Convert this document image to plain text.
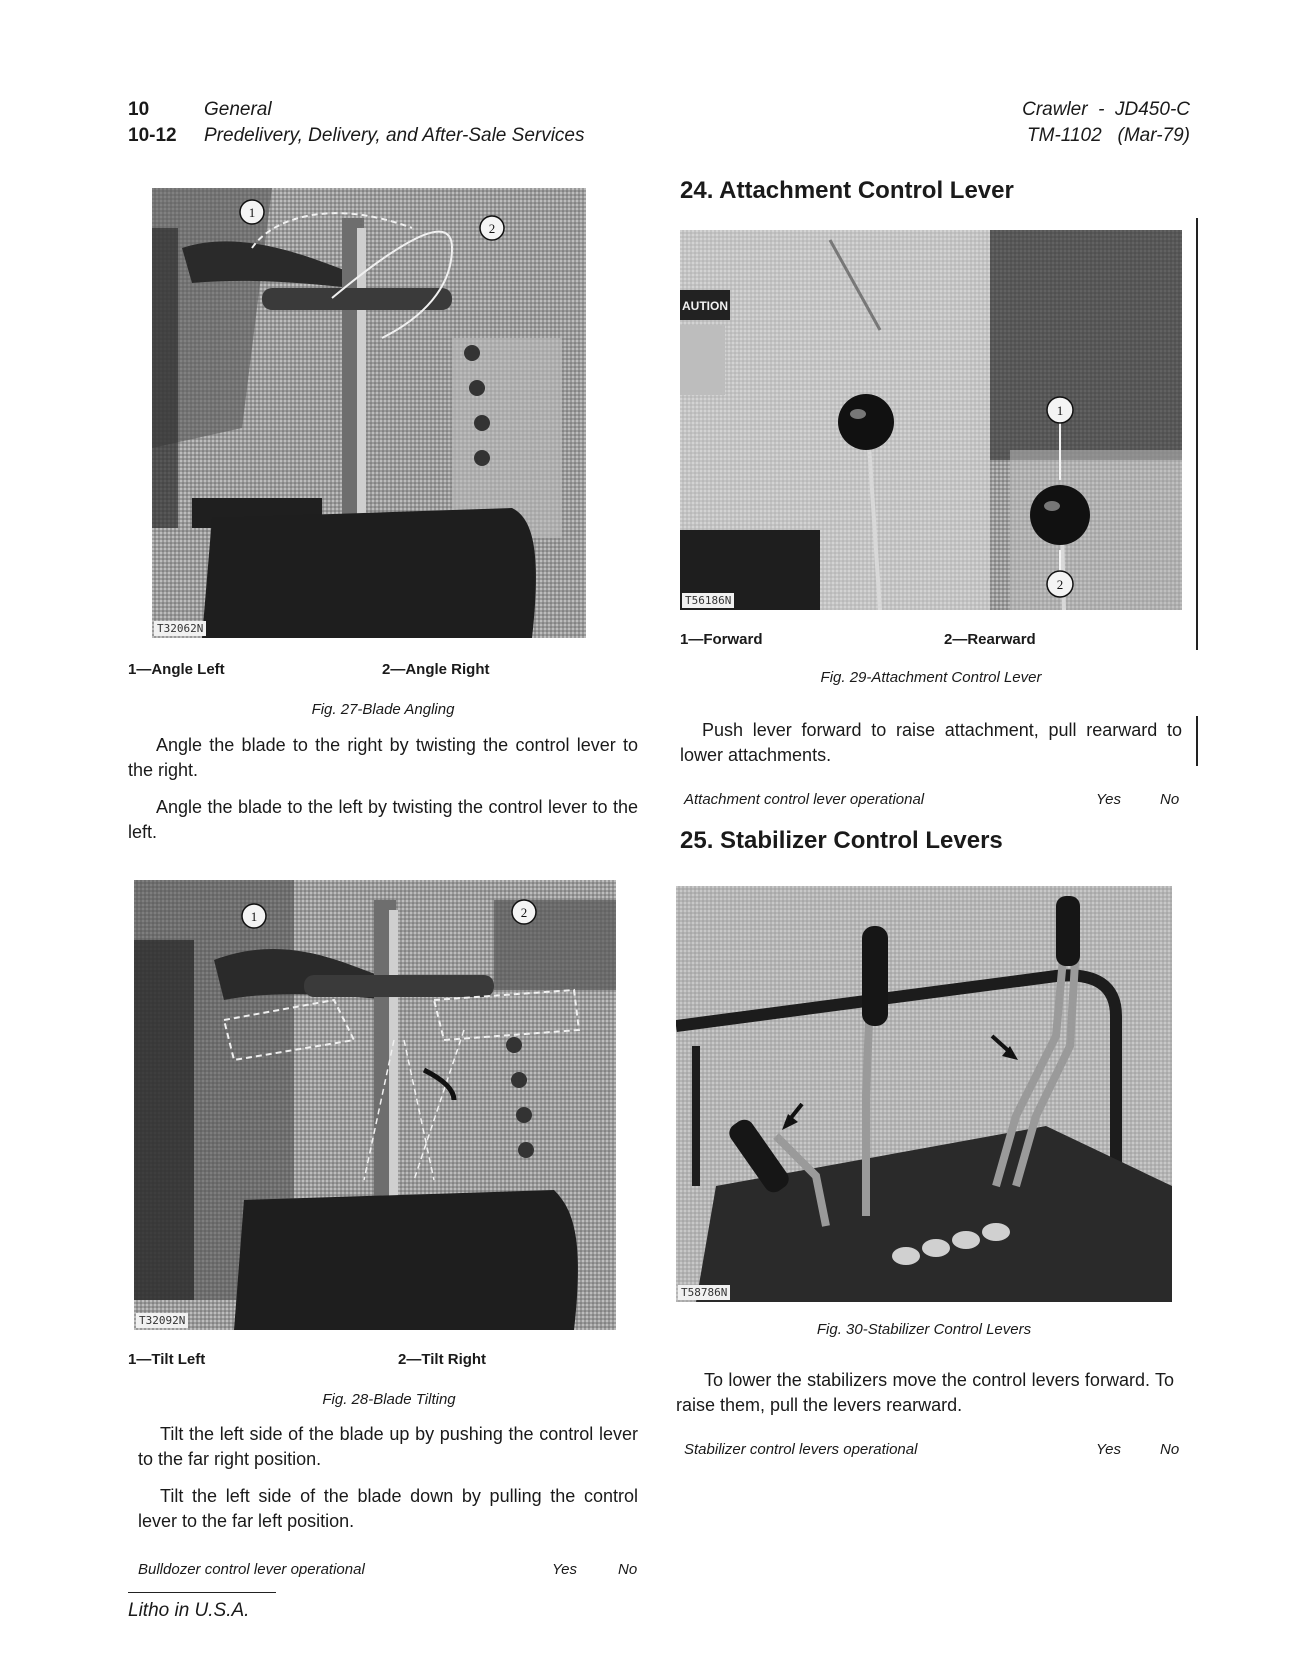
10	General
10-12 Predelivery, Delivery, and After-Sale Services
Crawler  -  JD450-C
TM-1102   (Mar-79)
1
2
T32062N
1—Angle Left	2—Angle Right
Fig. 27-Blade Angling
Angle the blade to the right by twisting the control lever to the right.
Angle the blade to the left by twisting the control lever to the left.
1	2
T32092N
1—Tilt Left	2—Tilt Right
Fig. 28-Blade Tilting
Tilt the left side of the blade up by pushing the control lever to the far right position.
Tilt the left side of the blade down by pulling the control lever to the far left position.
Bulldozer control lever operational	Yes	No
Litho in U.S.A.
24. Attachment Control Lever
AUTION
1
2
T56186N
1—Forward	2—Rearward
Fig. 29-Attachment Control Lever
Push lever forward to raise attachment, pull rearward to lower attachments.
Attachment control lever operational	Yes	No
25. Stabilizer Control Levers
T58786N
Fig. 30-Stabilizer Control Levers
To lower the stabilizers move the control levers forward. To raise them, pull the levers rearward.
Stabilizer control levers operational	Yes	No
